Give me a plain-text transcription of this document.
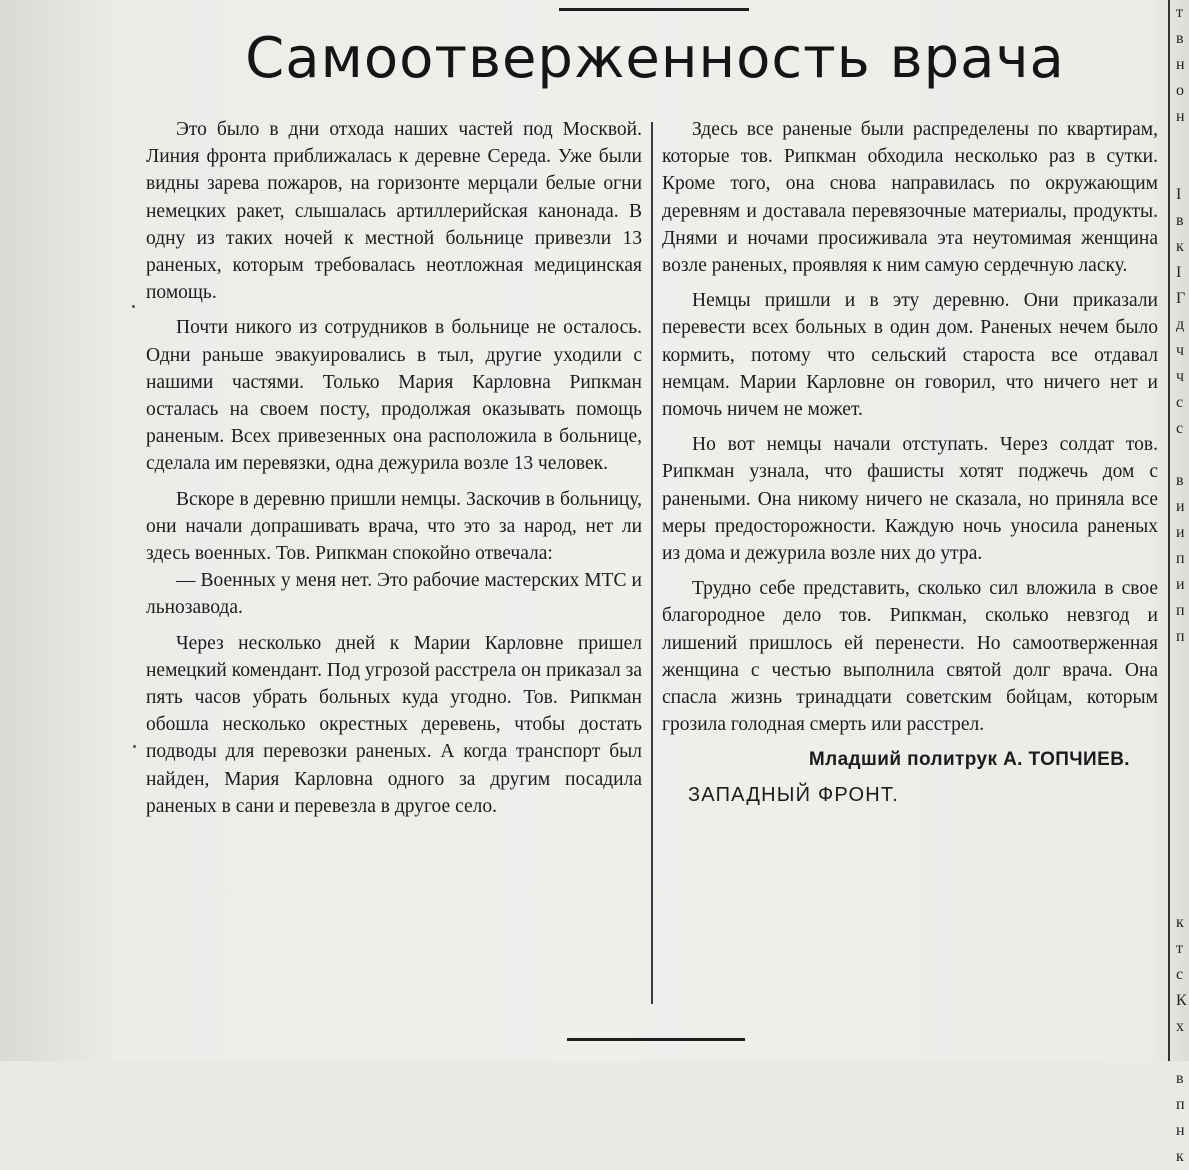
Самоотверженность врача

Это было в дни отхода наших частей под Москвой. Линия фронта приближалась к деревне Середа. Уже были видны зарева пожаров, на горизонте мерцали белые огни немецких ракет, слышалась артиллерийская канонада. В одну из таких ночей к местной больнице привезли 13 раненых, которым требовалась неотложная медицинская помощь.

Почти никого из сотрудников в больнице не осталось. Одни раньше эвакуировались в тыл, другие уходили с нашими частями. Только Мария Карловна Рипкман осталась на своем посту, продолжая оказывать помощь раненым. Всех привезенных она расположила в больнице, сделала им перевязки, одна дежурила возле 13 человек.

Вскоре в деревню пришли немцы. Заскочив в больницу, они начали допрашивать врача, что это за народ, нет ли здесь военных. Тов. Рипкман спокойно отвечала:

— Военных у меня нет. Это рабочие мастерских МТС и льнозавода.

Через несколько дней к Марии Карловне пришел немецкий комендант. Под угрозой расстрела он приказал за пять часов убрать больных куда угодно. Тов. Рипкман обошла несколько окрестных деревень, чтобы достать подводы для перевозки раненых. А когда транспорт был найден, Мария Карловна одного за другим посадила раненых в сани и перевезла в другое село.

Здесь все раненые были распределены по квартирам, которые тов. Рипкман обходила несколько раз в сутки. Кроме того, она снова направилась по окружающим деревням и доставала перевязочные материалы, продукты. Днями и ночами просиживала эта неутомимая женщина возле раненых, проявляя к ним самую сердечную ласку.

Немцы пришли и в эту деревню. Они приказали перевести всех больных в один дом. Раненых нечем было кормить, потому что сельский староста все отдавал немцам. Марии Карловне он говорил, что ничего нет и помочь ничем не может.

Но вот немцы начали отступать. Через солдат тов. Рипкман узнала, что фашисты хотят поджечь дом с ранеными. Она никому ничего не сказала, но приняла все меры предосторожности. Каждую ночь уносила раненых из дома и дежурила возле них до утра.

Трудно себе представить, сколько сил вложила в свое благородное дело тов. Рипкман, сколько невзгод и лишений пришлось ей перенести. Но самоотверженная женщина с честью выполнила святой долг врача. Она спасла жизнь тринадцати советским бойцам, которым грозила голодная смерть или расстрел.

Младший политрук А. ТОПЧИЕВ.

ЗАПАДНЫЙ ФРОНТ.

т
в
н
о
н

І
в
к
І
Г
д
ч
ч
с
с

в
и
и
п
и
п
п

к
т
с
К
х

в
п
н
к
